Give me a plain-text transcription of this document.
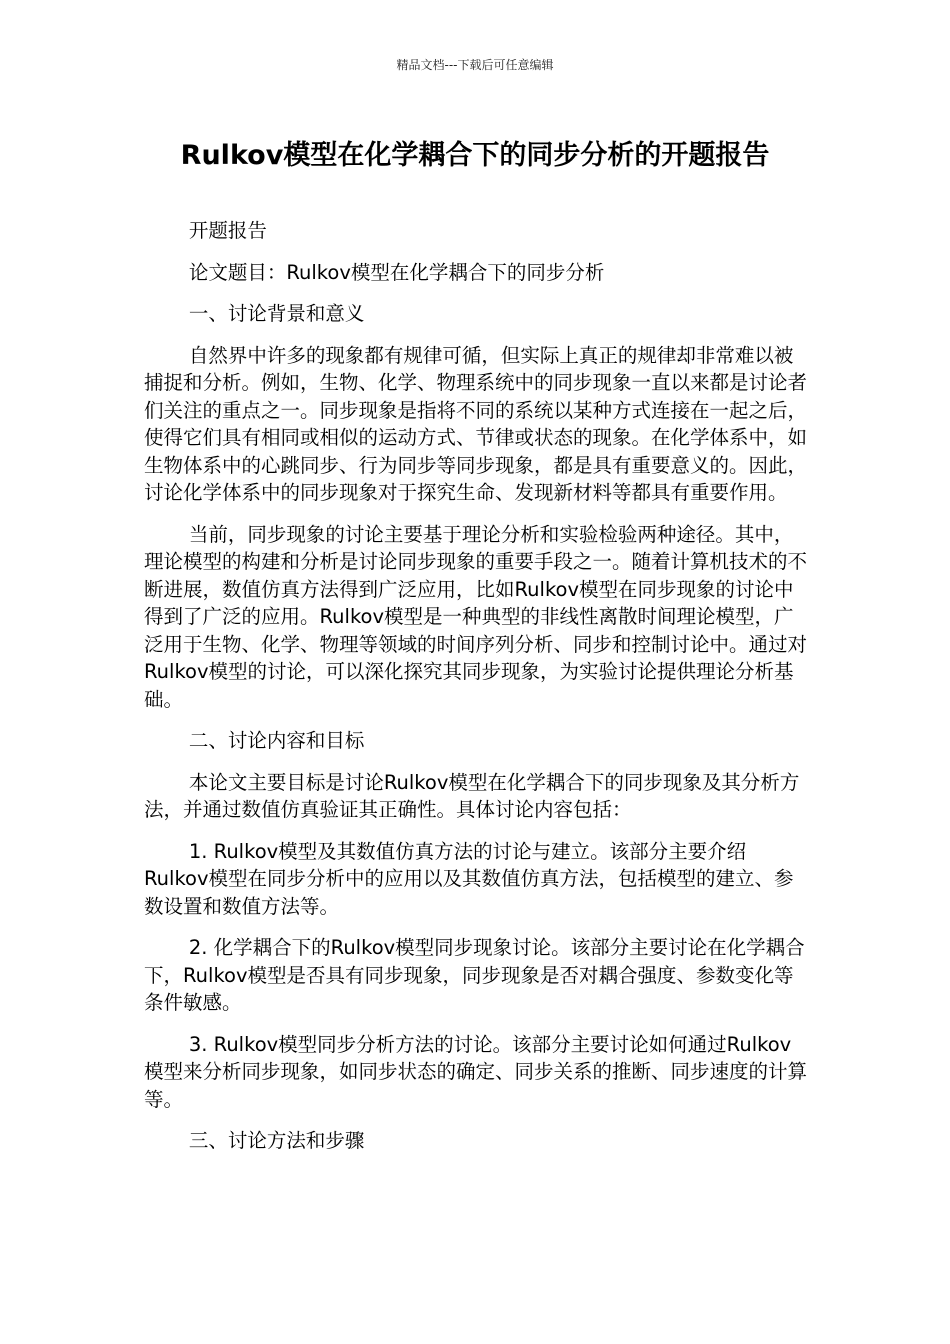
精品文档---下载后可任意编辑
Rulkov模型在化学耦合下的同步分析的开题报告

开题报告

论文题目：Rulkov模型在化学耦合下的同步分析

一、讨论背景和意义

自然界中许多的现象都有规律可循，但实际上真正的规律却非常难以被捕捉和分析。例如，生物、化学、物理系统中的同步现象一直以来都是讨论者们关注的重点之一。同步现象是指将不同的系统以某种方式连接在一起之后，使得它们具有相同或相似的运动方式、节律或状态的现象。在化学体系中，如生物体系中的心跳同步、行为同步等同步现象，都是具有重要意义的。因此，讨论化学体系中的同步现象对于探究生命、发现新材料等都具有重要作用。

当前，同步现象的讨论主要基于理论分析和实验检验两种途径。其中，理论模型的构建和分析是讨论同步现象的重要手段之一。随着计算机技术的不断进展，数值仿真方法得到广泛应用，比如Rulkov模型在同步现象的讨论中得到了广泛的应用。Rulkov模型是一种典型的非线性离散时间理论模型，广泛用于生物、化学、物理等领域的时间序列分析、同步和控制讨论中。通过对Rulkov模型的讨论，可以深化探究其同步现象，为实验讨论提供理论分析基础。

二、讨论内容和目标

本论文主要目标是讨论Rulkov模型在化学耦合下的同步现象及其分析方法，并通过数值仿真验证其正确性。具体讨论内容包括：

1. Rulkov模型及其数值仿真方法的讨论与建立。该部分主要介绍Rulkov模型在同步分析中的应用以及其数值仿真方法，包括模型的建立、参数设置和数值方法等。

2. 化学耦合下的Rulkov模型同步现象讨论。该部分主要讨论在化学耦合下，Rulkov模型是否具有同步现象，同步现象是否对耦合强度、参数变化等条件敏感。

3. Rulkov模型同步分析方法的讨论。该部分主要讨论如何通过Rulkov模型来分析同步现象，如同步状态的确定、同步关系的推断、同步速度的计算等。

三、讨论方法和步骤
